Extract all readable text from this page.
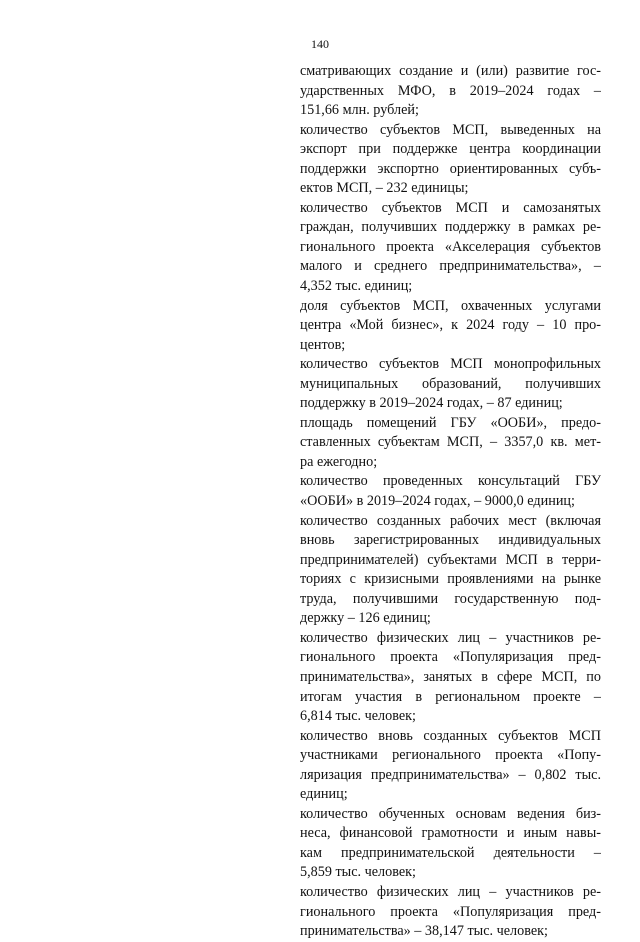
140
сматривающих создание и (или) развитие гос-
ударственных МФО, в 2019–2024 годах –
151,66 млн. рублей;
количество субъектов МСП, выведенных на
экспорт при поддержке центра координации
поддержки экспортно ориентированных субъ-
ектов МСП, – 232 единицы;
количество субъектов МСП и самозанятых
граждан, получивших поддержку в рамках ре-
гионального проекта «Акселерация субъектов
малого и среднего предпринимательства», –
4,352 тыс. единиц;
доля субъектов МСП, охваченных услугами
центра «Мой бизнес», к 2024 году – 10 про-
центов;
количество субъектов МСП монопрофильных
муниципальных образований, получивших
поддержку в 2019–2024 годах, – 87 единиц;
площадь помещений ГБУ «ООБИ», предо-
ставленных субъектам МСП, – 3357,0 кв. мет-
ра ежегодно;
количество проведенных консультаций ГБУ
«ООБИ» в 2019–2024 годах, – 9000,0 единиц;
количество созданных рабочих мест (включая
вновь зарегистрированных индивидуальных
предпринимателей) субъектами МСП в терри-
ториях с кризисными проявлениями на рынке
труда, получившими государственную под-
держку – 126 единиц;
количество физических лиц – участников ре-
гионального проекта «Популяризация пред-
принимательства», занятых в сфере МСП, по
итогам участия в региональном проекте –
6,814 тыс. человек;
количество вновь созданных субъектов МСП
участниками регионального проекта «Попу-
ляризация предпринимательства» – 0,802 тыс.
единиц;
количество обученных основам ведения биз-
неса, финансовой грамотности и иным навы-
кам предпринимательской деятельности –
5,859 тыс. человек;
количество физических лиц – участников ре-
гионального проекта «Популяризация пред-
принимательства» – 38,147 тыс. человек;
